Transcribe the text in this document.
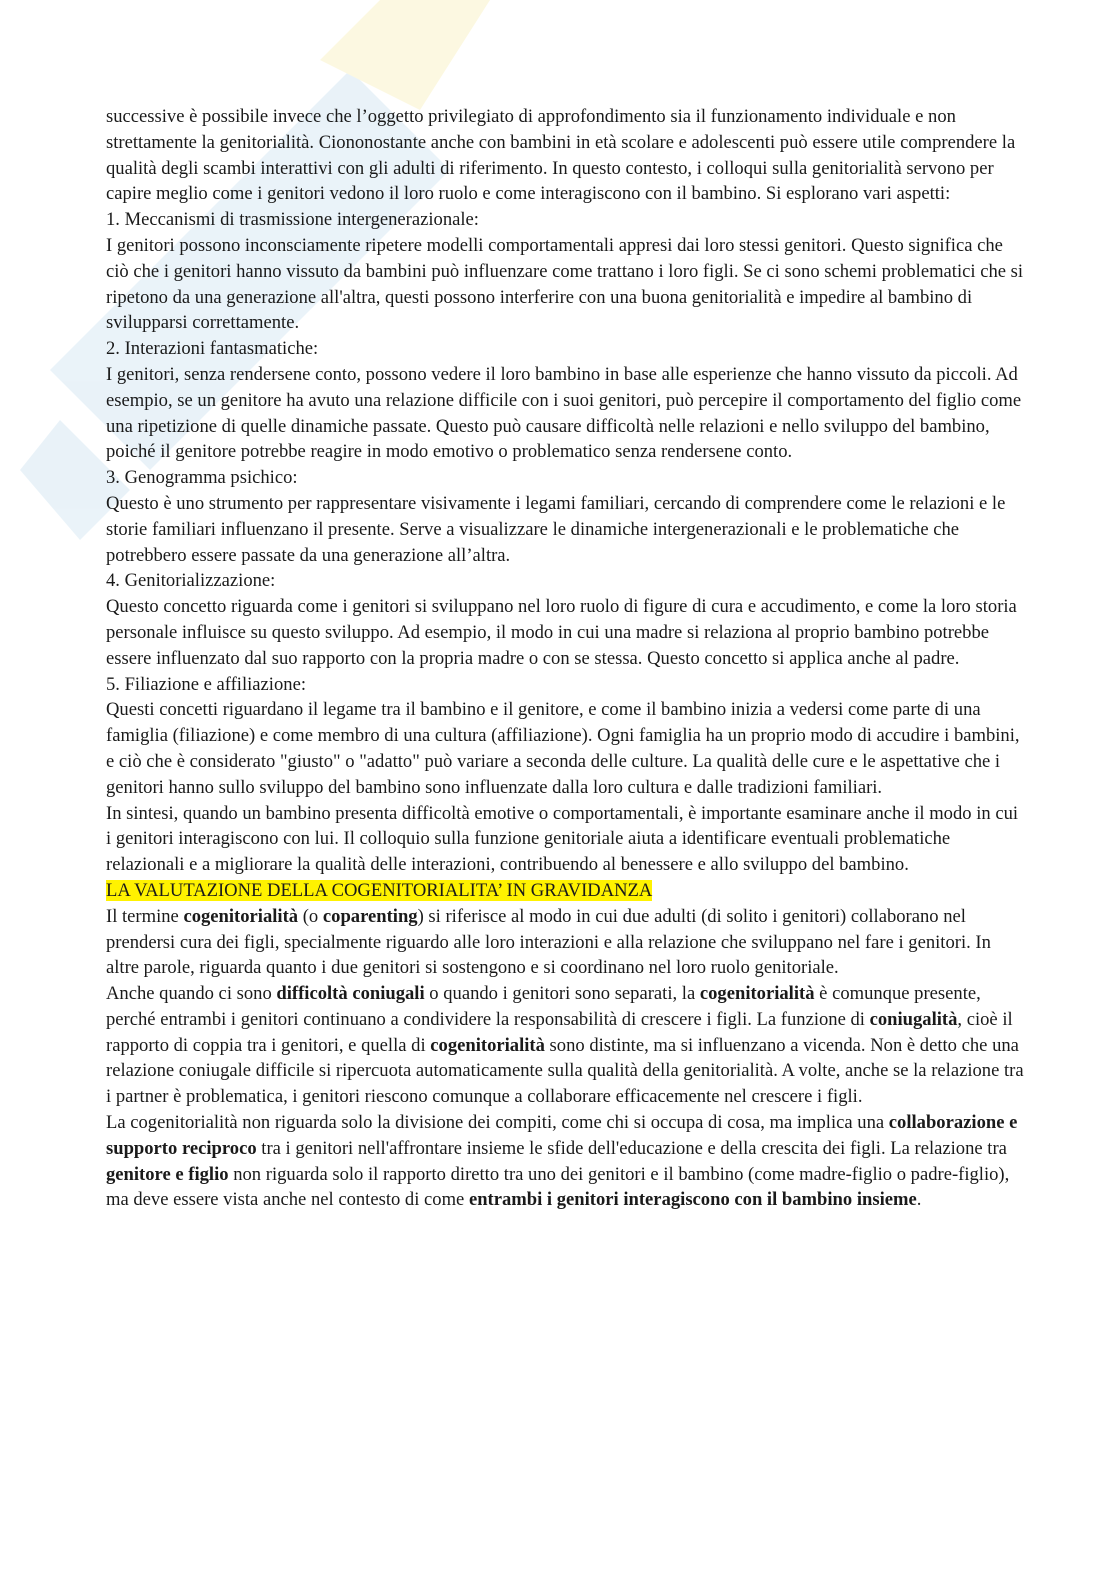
successive è possibile invece che l’oggetto privilegiato di approfondimento sia il funzionamento individuale e non strettamente la genitorialità. Ciononostante anche con bambini in età scolare e adolescenti può essere utile comprendere la qualità degli scambi interattivi con gli adulti di riferimento. In questo contesto, i colloqui sulla genitorialità servono per capire meglio come i genitori vedono il loro ruolo e come interagiscono con il bambino. Si esplorano vari aspetti:

1. Meccanismi di trasmissione intergenerazionale:

I genitori possono inconsciamente ripetere modelli comportamentali appresi dai loro stessi genitori. Questo significa che ciò che i genitori hanno vissuto da bambini può influenzare come trattano i loro figli. Se ci sono schemi problematici che si ripetono da una generazione all'altra, questi possono interferire con una buona genitorialità e impedire al bambino di svilupparsi correttamente.

2. Interazioni fantasmatiche:

I genitori, senza rendersene conto, possono vedere il loro bambino in base alle esperienze che hanno vissuto da piccoli. Ad esempio, se un genitore ha avuto una relazione difficile con i suoi genitori, può percepire il comportamento del figlio come una ripetizione di quelle dinamiche passate. Questo può causare difficoltà nelle relazioni e nello sviluppo del bambino, poiché il genitore potrebbe reagire in modo emotivo o problematico senza rendersene conto.

3. Genogramma psichico:

Questo è uno strumento per rappresentare visivamente i legami familiari, cercando di comprendere come le relazioni e le storie familiari influenzano il presente. Serve a visualizzare le dinamiche intergenerazionali e le problematiche che potrebbero essere passate da una generazione all’altra.

4. Genitorializzazione:

Questo concetto riguarda come i genitori si sviluppano nel loro ruolo di figure di cura e accudimento, e come la loro storia personale influisce su questo sviluppo. Ad esempio, il modo in cui una madre si relaziona al proprio bambino potrebbe essere influenzato dal suo rapporto con la propria madre o con se stessa. Questo concetto si applica anche al padre.

5. Filiazione e affiliazione:

Questi concetti riguardano il legame tra il bambino e il genitore, e come il bambino inizia a vedersi come parte di una famiglia (filiazione) e come membro di una cultura (affiliazione). Ogni famiglia ha un proprio modo di accudire i bambini, e ciò che è considerato "giusto" o "adatto" può variare a seconda delle culture. La qualità delle cure e le aspettative che i genitori hanno sullo sviluppo del bambino sono influenzate dalla loro cultura e dalle tradizioni familiari.

In sintesi, quando un bambino presenta difficoltà emotive o comportamentali, è importante esaminare anche il modo in cui i genitori interagiscono con lui. Il colloquio sulla funzione genitoriale aiuta a identificare eventuali problematiche relazionali e a migliorare la qualità delle interazioni, contribuendo al benessere e allo sviluppo del bambino.

LA VALUTAZIONE DELLA COGENITORIALITA’ IN GRAVIDANZA

Il termine cogenitorialità (o coparenting) si riferisce al modo in cui due adulti (di solito i genitori) collaborano nel prendersi cura dei figli, specialmente riguardo alle loro interazioni e alla relazione che sviluppano nel fare i genitori. In altre parole, riguarda quanto i due genitori si sostengono e si coordinano nel loro ruolo genitoriale.

Anche quando ci sono difficoltà coniugali o quando i genitori sono separati, la cogenitorialità è comunque presente, perché entrambi i genitori continuano a condividere la responsabilità di crescere i figli. La funzione di coniugalità, cioè il rapporto di coppia tra i genitori, e quella di cogenitorialità sono distinte, ma si influenzano a vicenda. Non è detto che una relazione coniugale difficile si ripercuota automaticamente sulla qualità della genitorialità. A volte, anche se la relazione tra i partner è problematica, i genitori riescono comunque a collaborare efficacemente nel crescere i figli.

La cogenitorialità non riguarda solo la divisione dei compiti, come chi si occupa di cosa, ma implica una collaborazione e supporto reciproco tra i genitori nell'affrontare insieme le sfide dell'educazione e della crescita dei figli. La relazione tra genitore e figlio non riguarda solo il rapporto diretto tra uno dei genitori e il bambino (come madre-figlio o padre-figlio), ma deve essere vista anche nel contesto di come entrambi i genitori interagiscono con il bambino insieme.
